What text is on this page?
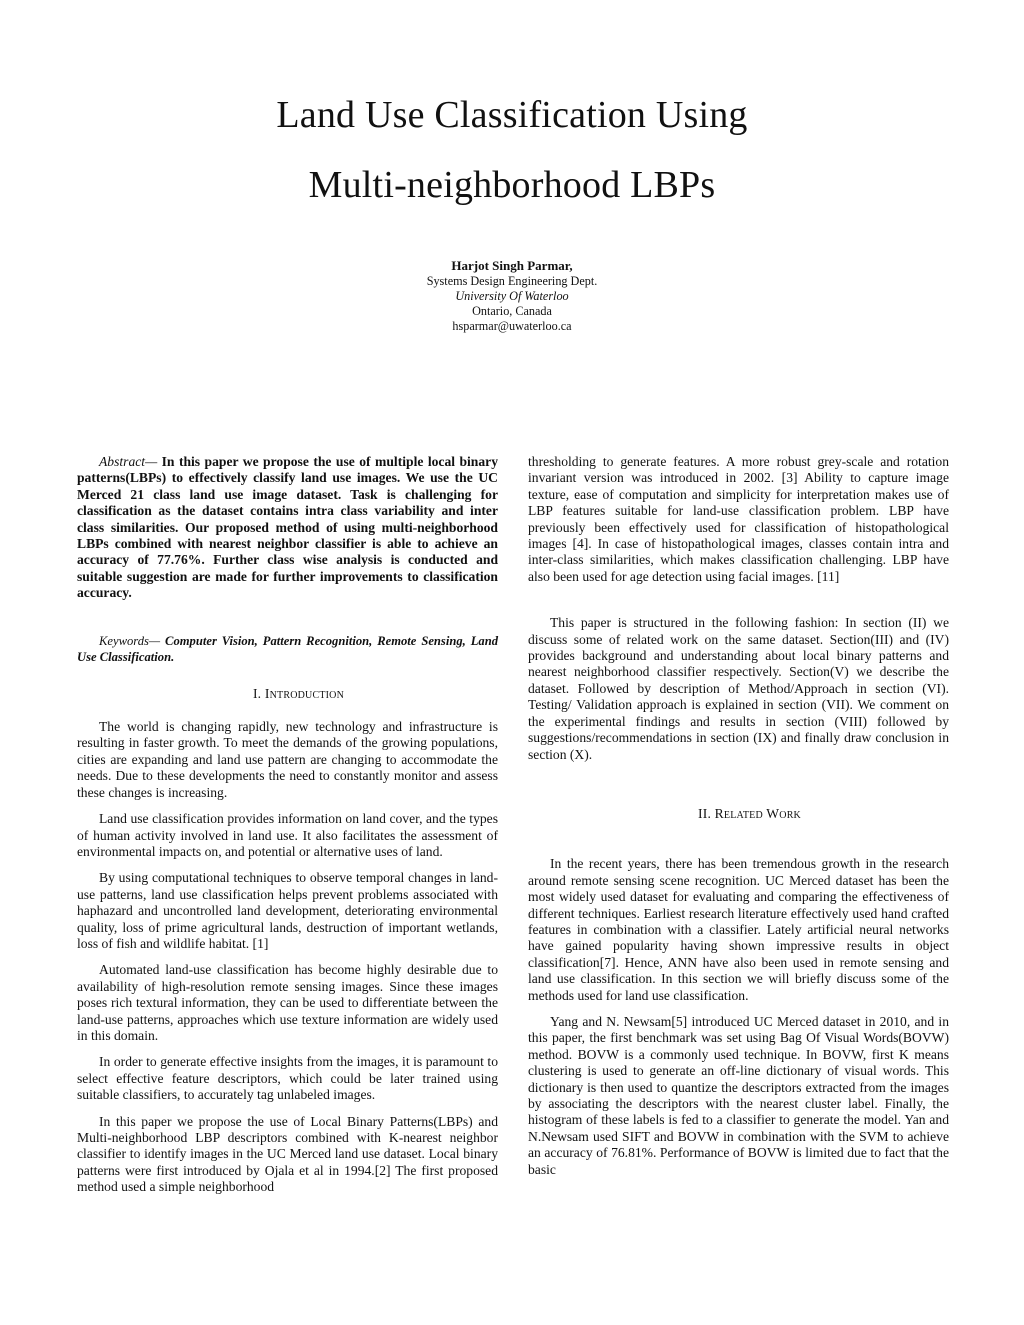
Land Use Classification Using
Multi-neighborhood LBPs
Harjot Singh Parmar,
Systems Design Engineering Dept.
University Of Waterloo
Ontario, Canada
hsparmar@uwaterloo.ca

Abstract— In this paper we propose the use of multiple local binary patterns(LBPs) to effectively classify land use images. We use the UC Merced 21 class land use image dataset. Task is challenging for classification as the dataset contains intra class variability and inter class similarities. Our proposed method of using multi-neighborhood LBPs combined with nearest neighbor classifier is able to achieve an accuracy of 77.76%. Further class wise analysis is conducted and suitable suggestion are made for further improvements to classification accuracy.

Keywords— Computer Vision, Pattern Recognition, Remote Sensing, Land Use Classification.

I. Introduction

The world is changing rapidly, new technology and infrastructure is resulting in faster growth. To meet the demands of the growing populations, cities are expanding and land use pattern are changing to accommodate the needs. Due to these developments the need to constantly monitor and assess these changes is increasing.

Land use classification provides information on land cover, and the types of human activity involved in land use. It also facilitates the assessment of environmental impacts on, and potential or alternative uses of land.

By using computational techniques to observe temporal changes in land-use patterns, land use classification helps prevent problems associated with haphazard and uncontrolled land development, deteriorating environmental quality, loss of prime agricultural lands, destruction of important wetlands, loss of fish and wildlife habitat. [1]

Automated land-use classification has become highly desirable due to availability of high-resolution remote sensing images. Since these images poses rich textural information, they can be used to differentiate between the land-use patterns, approaches which use texture information are widely used in this domain.

In order to generate effective insights from the images, it is paramount to select effective feature descriptors, which could be later trained using suitable classifiers, to accurately tag unlabeled images.

In this paper we propose the use of Local Binary Patterns(LBPs) and Multi-neighborhood LBP descriptors combined with K-nearest neighbor classifier to identify images in the UC Merced land use dataset. Local binary patterns were first introduced by Ojala et al in 1994.[2] The first proposed method used a simple neighborhood

thresholding to generate features. A more robust grey-scale and rotation invariant version was introduced in 2002. [3] Ability to capture image texture, ease of computation and simplicity for interpretation makes use of LBP features suitable for land-use classification problem. LBP have previously been effectively used for classification of histopathological images [4]. In case of histopathological images, classes contain intra and inter-class similarities, which makes classification challenging. LBP have also been used for age detection using facial images. [11]

This paper is structured in the following fashion: In section (II) we discuss some of related work on the same dataset. Section(III) and (IV) provides background and understanding about local binary patterns and nearest neighborhood classifier respectively. Section(V) we describe the dataset. Followed by description of Method/Approach in section (VI). Testing/ Validation approach is explained in section (VII). We comment on the experimental findings and results in section (VIII) followed by suggestions/recommendations in section (IX) and finally draw conclusion in section (X).

II. Related Work

In the recent years, there has been tremendous growth in the research around remote sensing scene recognition. UC Merced dataset has been the most widely used dataset for evaluating and comparing the effectiveness of different techniques. Earliest research literature effectively used hand crafted features in combination with a classifier. Lately artificial neural networks have gained popularity having shown impressive results in object classification[7]. Hence, ANN have also been used in remote sensing and land use classification. In this section we will briefly discuss some of the methods used for land use classification.

Yang and N. Newsam[5] introduced UC Merced dataset in 2010, and in this paper, the first benchmark was set using Bag Of Visual Words(BOVW) method. BOVW is a commonly used technique. In BOVW, first K means clustering is used to generate an off-line dictionary of visual words. This dictionary is then used to quantize the descriptors extracted from the images by associating the descriptors with the nearest cluster label. Finally, the histogram of these labels is fed to a classifier to generate the model. Yan and N.Newsam used SIFT and BOVW in combination with the SVM to achieve an accuracy of 76.81%. Performance of BOVW is limited due to fact that the basic
